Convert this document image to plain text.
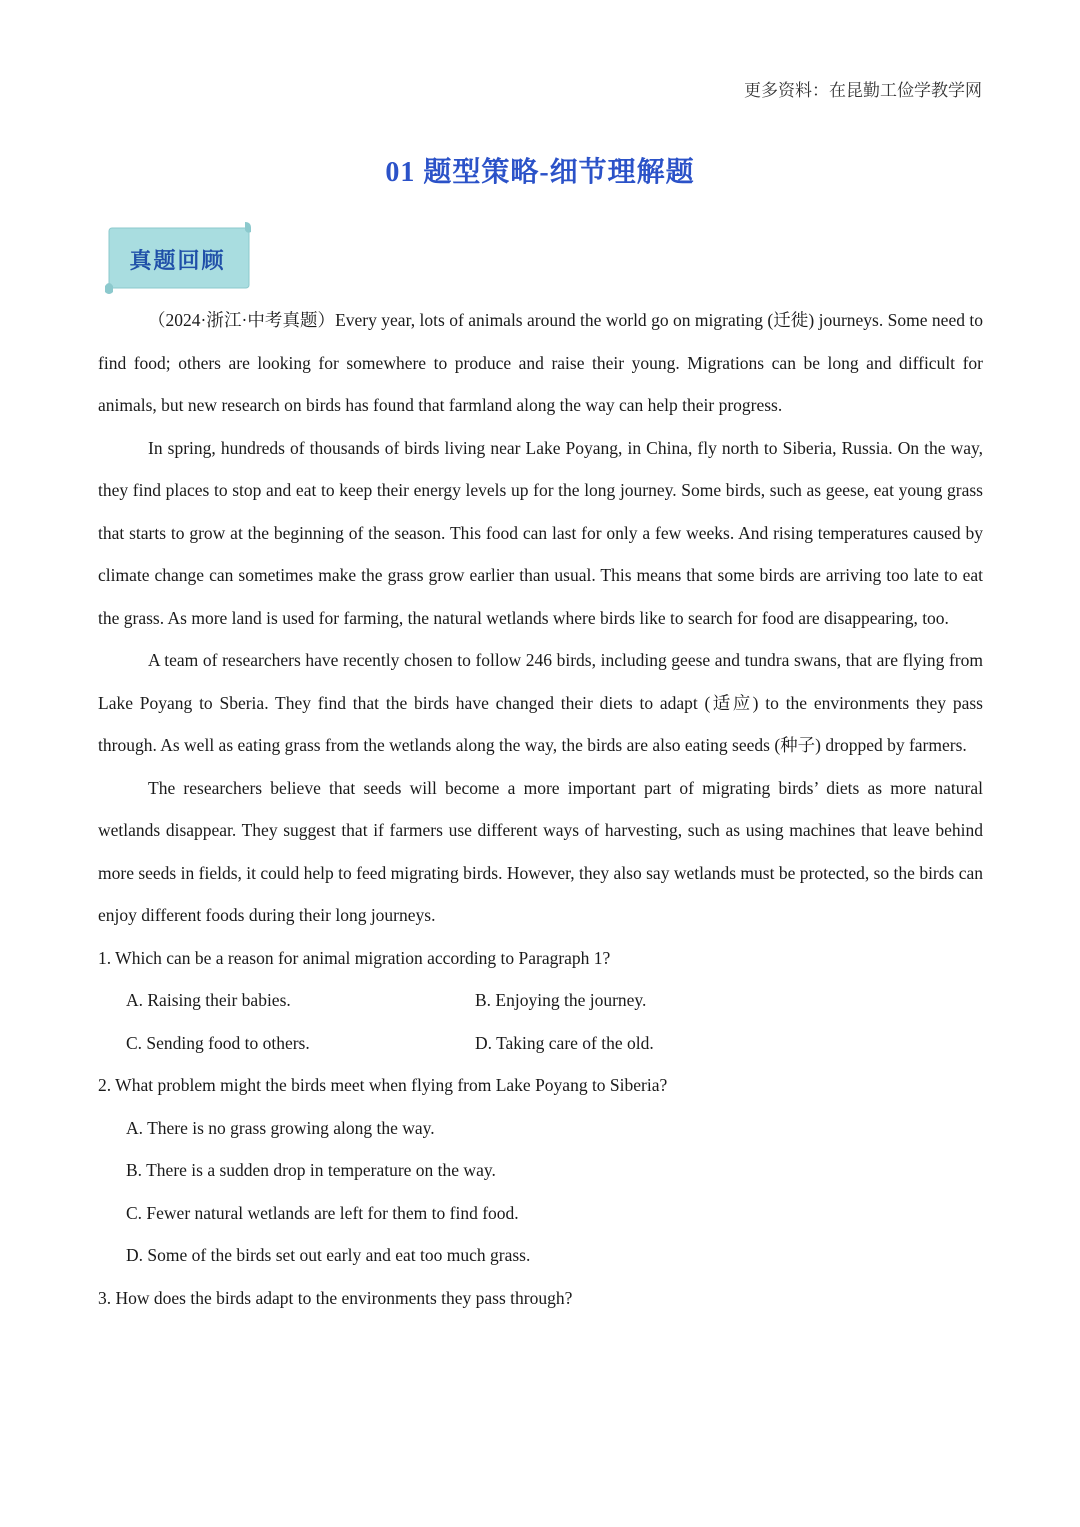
更多资料：在昆勤工俭学教学网
01 题型策略-细节理解题
真题回顾

（2024·浙江·中考真题）Every year, lots of animals around the world go on migrating (迁徙) journeys. Some need to find food; others are looking for somewhere to produce and raise their young. Migrations can be long and difficult for animals, but new research on birds has found that farmland along the way can help their progress.

In spring, hundreds of thousands of birds living near Lake Poyang, in China, fly north to Siberia, Russia. On the way, they find places to stop and eat to keep their energy levels up for the long journey. Some birds, such as geese, eat young grass that starts to grow at the beginning of the season. This food can last for only a few weeks. And rising temperatures caused by climate change can sometimes make the grass grow earlier than usual. This means that some birds are arriving too late to eat the grass. As more land is used for farming, the natural wetlands where birds like to search for food are disappearing, too.

A team of researchers have recently chosen to follow 246 birds, including geese and tundra swans, that are flying from Lake Poyang to Sberia. They find that the birds have changed their diets to adapt (适应) to the environments they pass through. As well as eating grass from the wetlands along the way, the birds are also eating seeds (种子) dropped by farmers.

The researchers believe that seeds will become a more important part of migrating birds’ diets as more natural wetlands disappear. They suggest that if farmers use different ways of harvesting, such as using machines that leave behind more seeds in fields, it could help to feed migrating birds. However, they also say wetlands must be protected, so the birds can enjoy different foods during their long journeys.

1. Which can be a reason for animal migration according to Paragraph 1?

A. Raising their babies.	B. Enjoying the journey.
C. Sending food to others.	D. Taking care of the old.

2. What problem might the birds meet when flying from Lake Poyang to Siberia?

A. There is no grass growing along the way.

B. There is a sudden drop in temperature on the way.

C. Fewer natural wetlands are left for them to find food.

D. Some of the birds set out early and eat too much grass.

3. How does the birds adapt to the environments they pass through?
